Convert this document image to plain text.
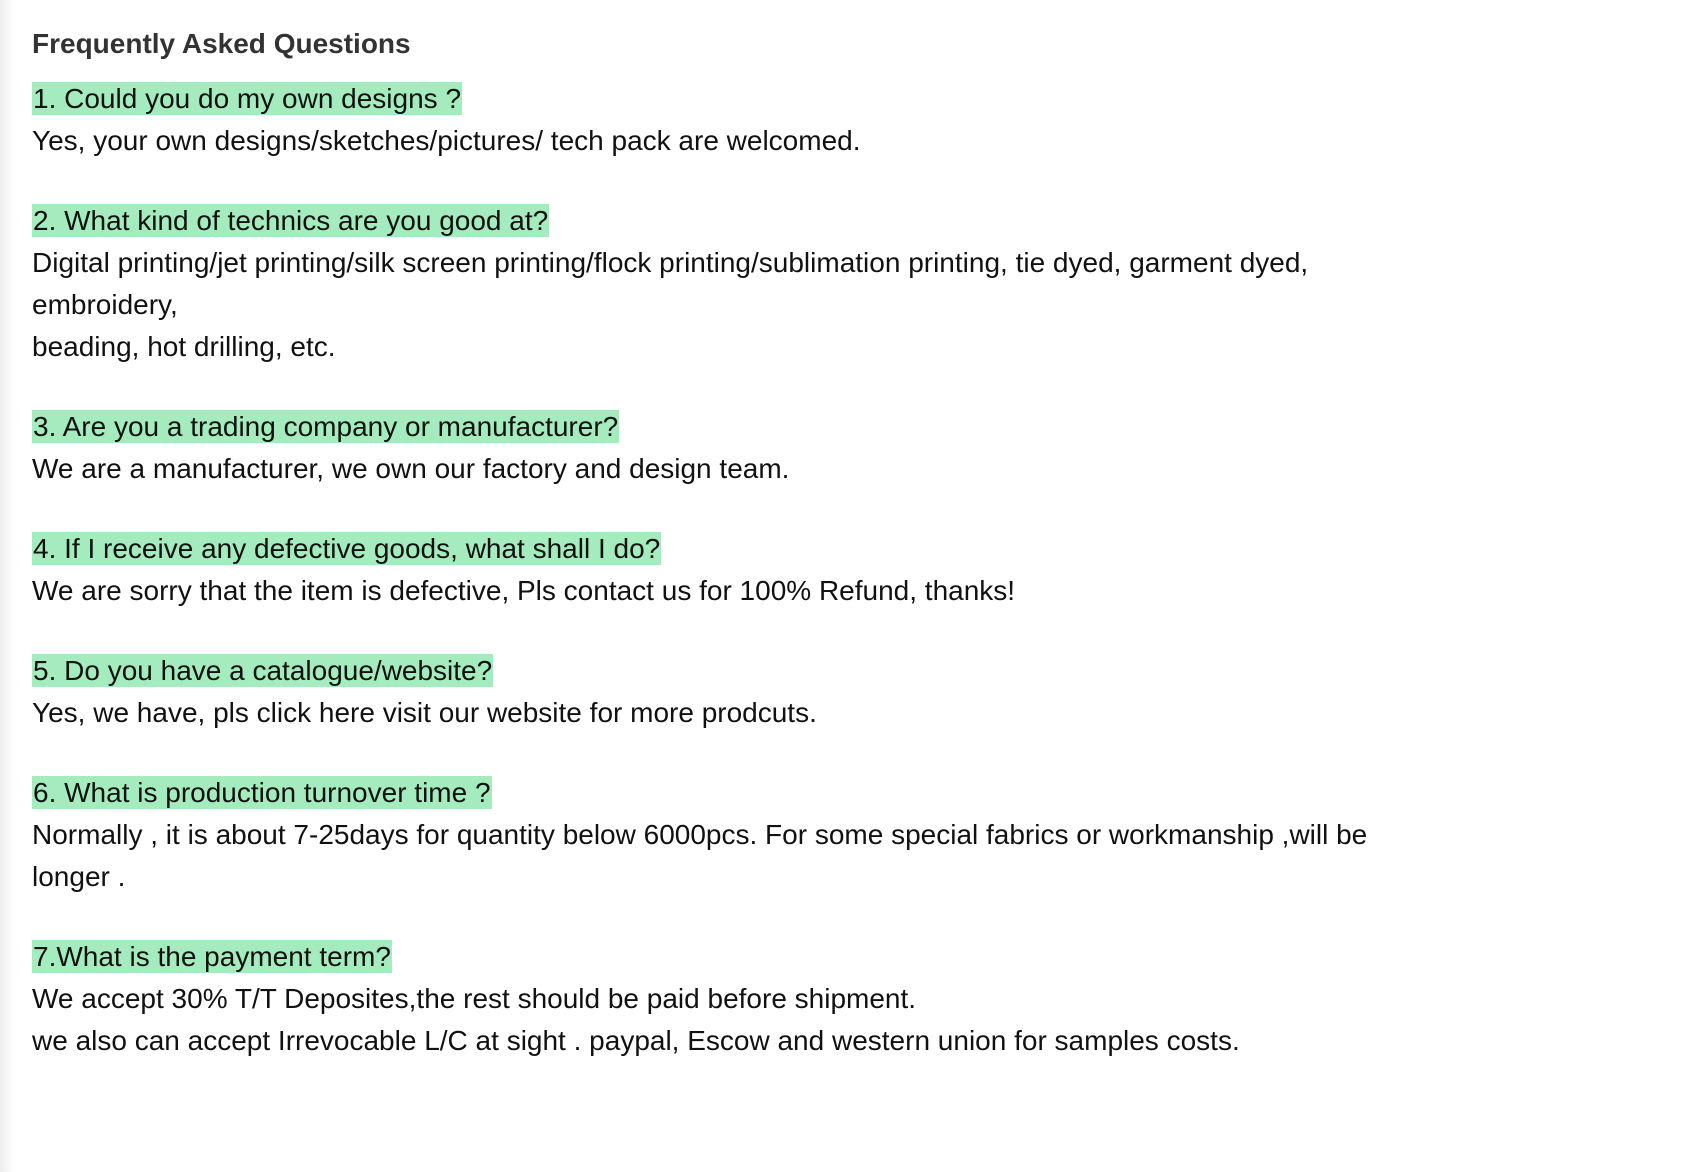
Frequently Asked Questions
1. Could you do my own designs ?

Yes, your own designs/sketches/pictures/ tech pack are welcomed.

2. What kind of technics are you good at?

Digital printing/jet printing/silk screen printing/flock printing/sublimation printing, tie dyed, garment dyed,

embroidery,

beading, hot drilling, etc.

3. Are you a trading company or manufacturer?

We are a manufacturer, we own our factory and design team.

4. If I receive any defective goods, what shall I do?

We are sorry that the item is defective, Pls contact us for 100% Refund, thanks!

5. Do you have a catalogue/website?

Yes, we have, pls click here visit our website for more prodcuts.

6. What is production turnover time ?

Normally , it is about 7-25days for quantity below 6000pcs. For some special fabrics or workmanship ,will be

longer .

7.What is the payment term?

We accept 30% T/T Deposites,the rest should be paid before shipment.

we also can accept Irrevocable L/C at sight . paypal, Escow and western union for samples costs.
